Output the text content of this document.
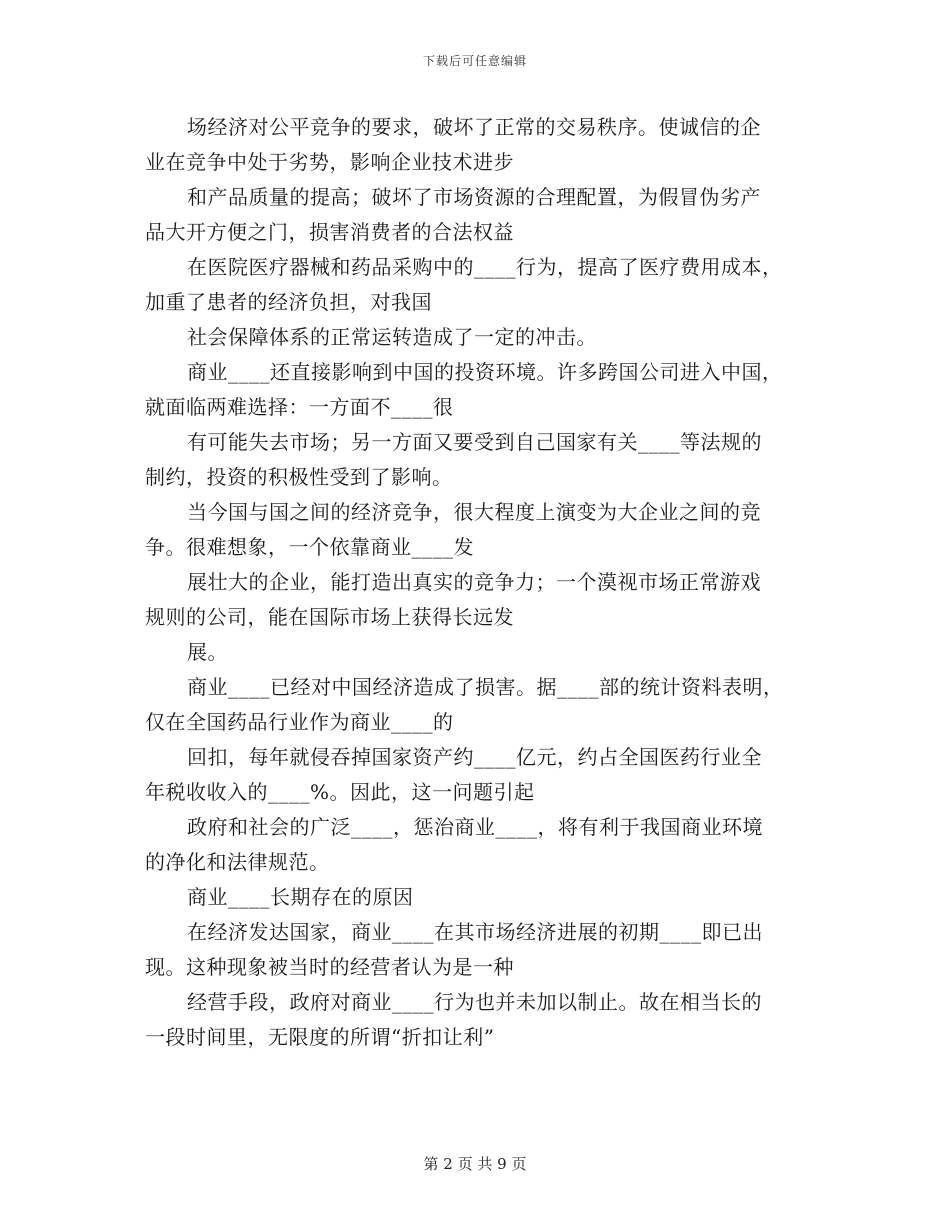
下载后可任意编辑

场经济对公平竞争的要求，破坏了正常的交易秩序。使诚信的企

业在竞争中处于劣势，影响企业技术进步

和产品质量的提高；破坏了市场资源的合理配置，为假冒伪劣产

品大开方便之门，损害消费者的合法权益

在医院医疗器械和药品采购中的____行为，提高了医疗费用成本，

加重了患者的经济负担，对我国

社会保障体系的正常运转造成了一定的冲击。

商业____还直接影响到中国的投资环境。许多跨国公司进入中国，

就面临两难选择：一方面不____很

有可能失去市场；另一方面又要受到自己国家有关____等法规的

制约，投资的积极性受到了影响。

当今国与国之间的经济竞争，很大程度上演变为大企业之间的竞

争。很难想象，一个依靠商业____发

展壮大的企业，能打造出真实的竞争力；一个漠视市场正常游戏

规则的公司，能在国际市场上获得长远发

展。

商业____已经对中国经济造成了损害。据____部的统计资料表明，

仅在全国药品行业作为商业____的

回扣，每年就侵吞掉国家资产约____亿元，约占全国医药行业全

年税收收入的____%。因此，这一问题引起

政府和社会的广泛____，惩治商业____，将有利于我国商业环境

的净化和法律规范。

商业____长期存在的原因

在经济发达国家，商业____在其市场经济进展的初期____即已出

现。这种现象被当时的经营者认为是一种

经营手段，政府对商业____行为也并未加以制止。故在相当长的

一段时间里，无限度的所谓“折扣让利”

第 2 页 共 9 页
